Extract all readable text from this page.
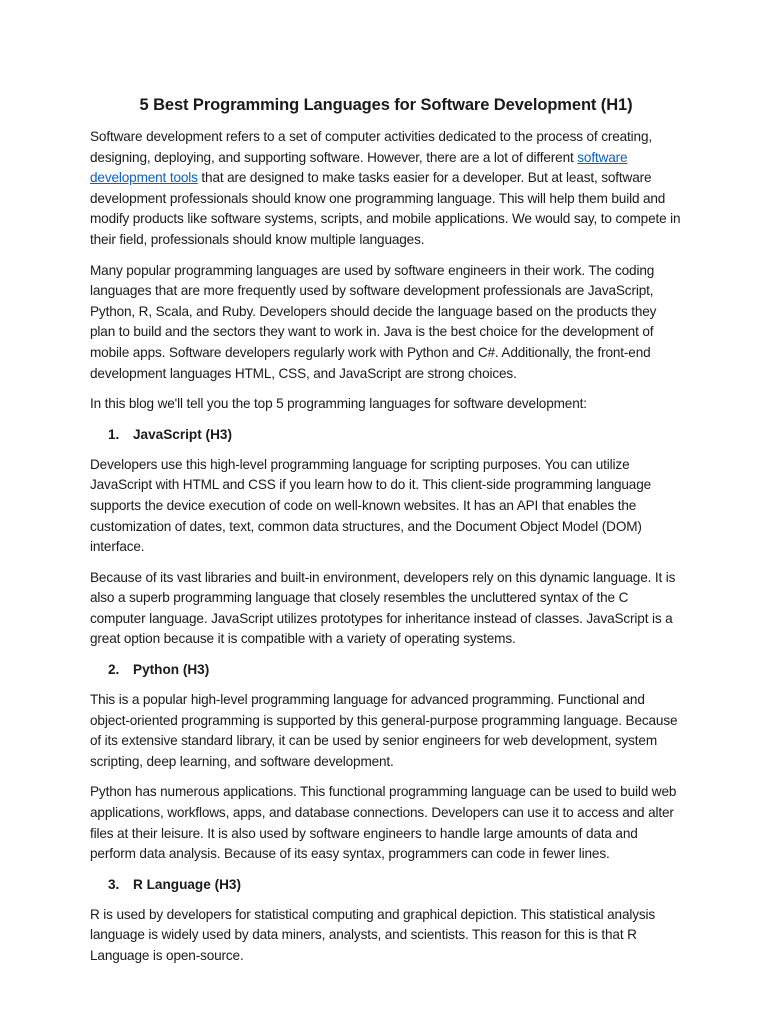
5 Best Programming Languages for Software Development (H1)

Software development refers to a set of computer activities dedicated to the process of creating, designing, deploying, and supporting software. However, there are a lot of different software development tools that are designed to make tasks easier for a developer. But at least, software development professionals should know one programming language. This will help them build and modify products like software systems, scripts, and mobile applications. We would say, to compete in their field, professionals should know multiple languages.

Many popular programming languages are used by software engineers in their work. The coding languages that are more frequently used by software development professionals are JavaScript, Python, R, Scala, and Ruby. Developers should decide the language based on the products they plan to build and the sectors they want to work in. Java is the best choice for the development of mobile apps. Software developers regularly work with Python and C#. Additionally, the front-end development languages HTML, CSS, and JavaScript are strong choices.

In this blog we'll tell you the top 5 programming languages for software development:

1.	JavaScript (H3)

Developers use this high-level programming language for scripting purposes. You can utilize JavaScript with HTML and CSS if you learn how to do it. This client-side programming language supports the device execution of code on well-known websites. It has an API that enables the customization of dates, text, common data structures, and the Document Object Model (DOM) interface.

Because of its vast libraries and built-in environment, developers rely on this dynamic language. It is also a superb programming language that closely resembles the uncluttered syntax of the C computer language. JavaScript utilizes prototypes for inheritance instead of classes. JavaScript is a great option because it is compatible with a variety of operating systems.

2.	Python (H3)

This is a popular high-level programming language for advanced programming. Functional and object-oriented programming is supported by this general-purpose programming language. Because of its extensive standard library, it can be used by senior engineers for web development, system scripting, deep learning, and software development.

Python has numerous applications. This functional programming language can be used to build web applications, workflows, apps, and database connections. Developers can use it to access and alter files at their leisure. It is also used by software engineers to handle large amounts of data and perform data analysis. Because of its easy syntax, programmers can code in fewer lines.

3.	R Language (H3)

R is used by developers for statistical computing and graphical depiction. This statistical analysis language is widely used by data miners, analysts, and scientists. This reason for this is that R Language is open-source.
